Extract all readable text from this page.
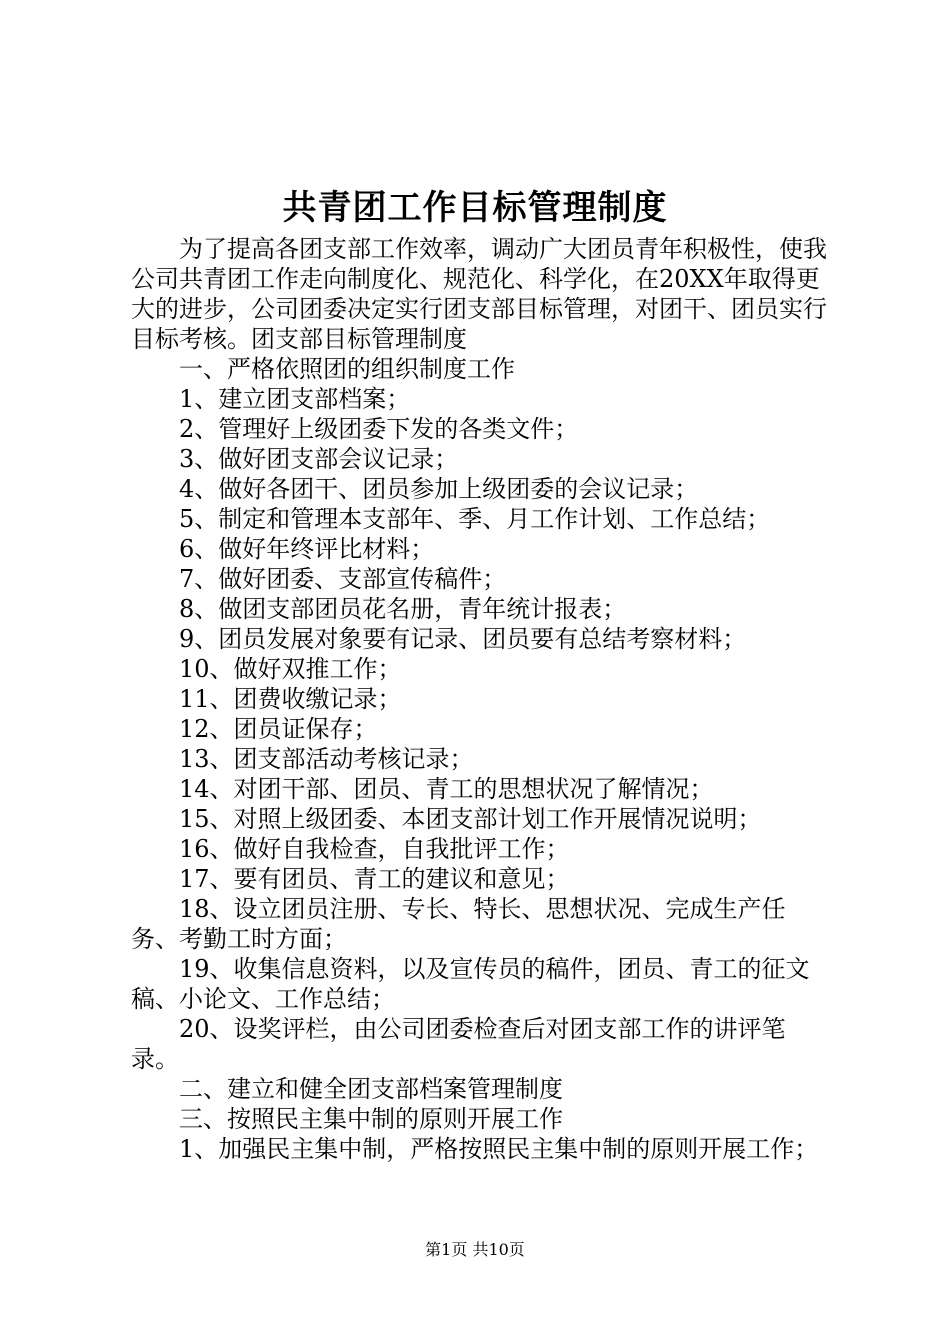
共青团工作目标管理制度

为了提高各团支部工作效率，调动广大团员青年积极性，使我公司共青团工作走向制度化、规范化、科学化，在20XX年取得更大的进步，公司团委决定实行团支部目标管理，对团干、团员实行目标考核。团支部目标管理制度

一、严格依照团的组织制度工作

1、建立团支部档案；

2、管理好上级团委下发的各类文件；

3、做好团支部会议记录；

4、做好各团干、团员参加上级团委的会议记录；

5、制定和管理本支部年、季、月工作计划、工作总结；

6、做好年终评比材料；

7、做好团委、支部宣传稿件；

8、做团支部团员花名册，青年统计报表；

9、团员发展对象要有记录、团员要有总结考察材料；

10、做好双推工作；

11、团费收缴记录；

12、团员证保存；

13、团支部活动考核记录；

14、对团干部、团员、青工的思想状况了解情况；

15、对照上级团委、本团支部计划工作开展情况说明；

16、做好自我检查，自我批评工作；

17、要有团员、青工的建议和意见；

18、设立团员注册、专长、特长、思想状况、完成生产任务、考勤工时方面；

19、收集信息资料，以及宣传员的稿件，团员、青工的征文稿、小论文、工作总结；

20、设奖评栏，由公司团委检查后对团支部工作的讲评笔录。

二、建立和健全团支部档案管理制度

三、按照民主集中制的原则开展工作

1、加强民主集中制，严格按照民主集中制的原则开展工作；

第1页 共10页
